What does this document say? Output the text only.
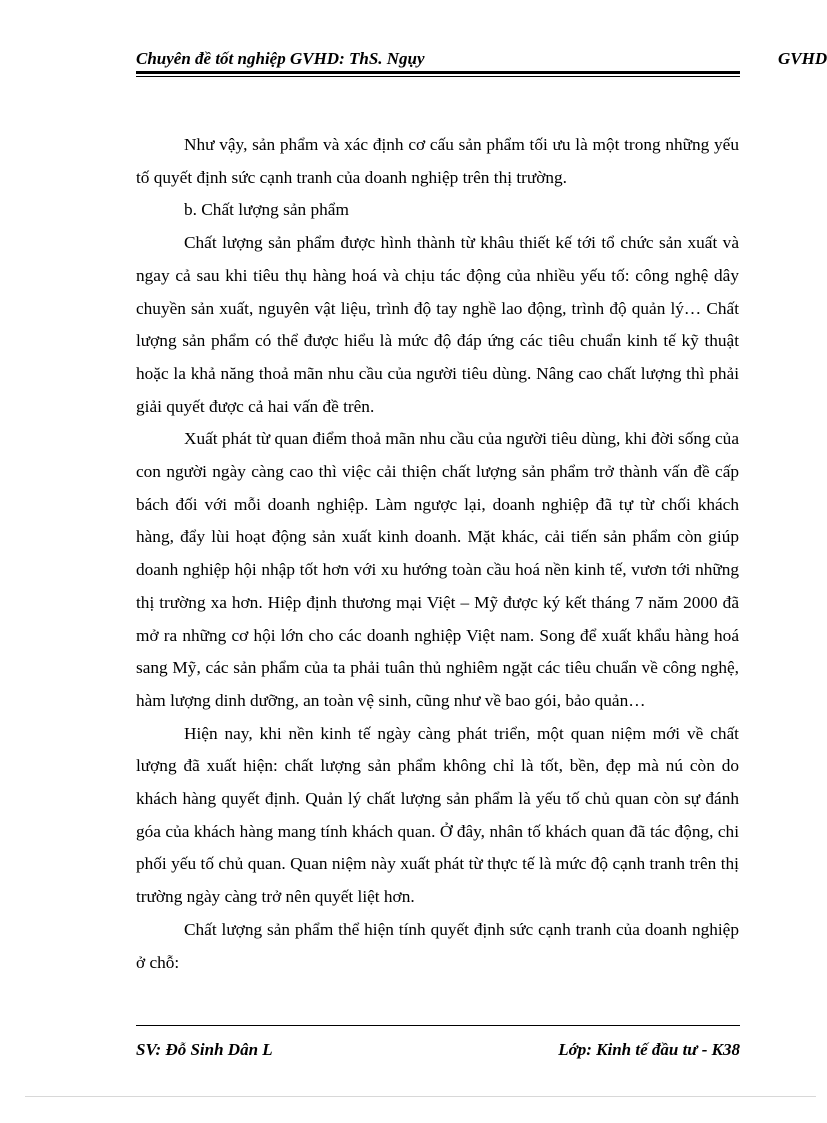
Chuyên đề tốt nghiệp GVHD: ThS. Ngụy	GVHD

Như vậy, sản phẩm và xác định cơ cấu sản phẩm tối ưu là một trong những yếu tố quyết định sức cạnh tranh của doanh nghiệp trên thị trường.

b. Chất lượng sản phẩm

Chất lượng sản phẩm được hình thành từ khâu thiết kế tới tổ chức sản xuất và ngay cả sau khi tiêu thụ hàng hoá và chịu tác động của nhiều yếu tố: công nghệ dây chuyền sản xuất, nguyên vật liệu, trình độ tay nghề lao động, trình độ quản lý… Chất lượng sản phẩm có thể được hiểu là mức độ đáp ứng các tiêu chuẩn kinh tế kỹ thuật hoặc la khả năng thoả mãn nhu cầu của người tiêu dùng. Nâng cao chất lượng thì phải giải quyết được cả hai vấn đề trên.

Xuất phát từ quan điểm thoả mãn nhu cầu của người tiêu dùng, khi đời sống của con người ngày càng cao thì việc cải thiện chất lượng sản phẩm trở thành vấn đề cấp bách đối với mỗi doanh nghiệp. Làm ngược lại, doanh nghiệp đã tự từ chối khách hàng, đẩy lùi hoạt động sản xuất kinh doanh. Mặt khác, cải tiến sản phẩm còn giúp doanh nghiệp hội nhập tốt hơn với xu hướng toàn cầu hoá nền kinh tế, vươn tới những thị trường xa hơn. Hiệp định thương mại Việt – Mỹ được ký kết tháng 7 năm 2000 đã mở ra những cơ hội lớn cho các doanh nghiệp Việt nam. Song để xuất khẩu hàng hoá sang Mỹ, các sản phẩm của ta phải tuân thủ nghiêm ngặt các tiêu chuẩn về công nghệ, hàm lượng dinh dưỡng, an toàn vệ sinh, cũng như về bao gói, bảo quản…

Hiện nay, khi nền kinh tế ngày càng phát triển, một quan niệm mới về chất lượng đã xuất hiện: chất lượng sản phẩm không chỉ là tốt, bền, đẹp mà nú còn do khách hàng quyết định. Quản lý chất lượng sản phẩm là yếu tố chủ quan còn sự đánh góa của khách hàng mang tính khách quan. Ở đây, nhân tố khách quan đã tác động, chi phối yếu tố chủ quan. Quan niệm này xuất phát từ thực tế là mức độ cạnh tranh trên thị trường ngày càng trở nên quyết liệt hơn.

Chất lượng sản phẩm thể hiện tính quyết định sức cạnh tranh của doanh nghiệp ở chỗ:

SV: Đỗ Sinh Dân L	Lớp: Kinh tế đầu tư - K38
